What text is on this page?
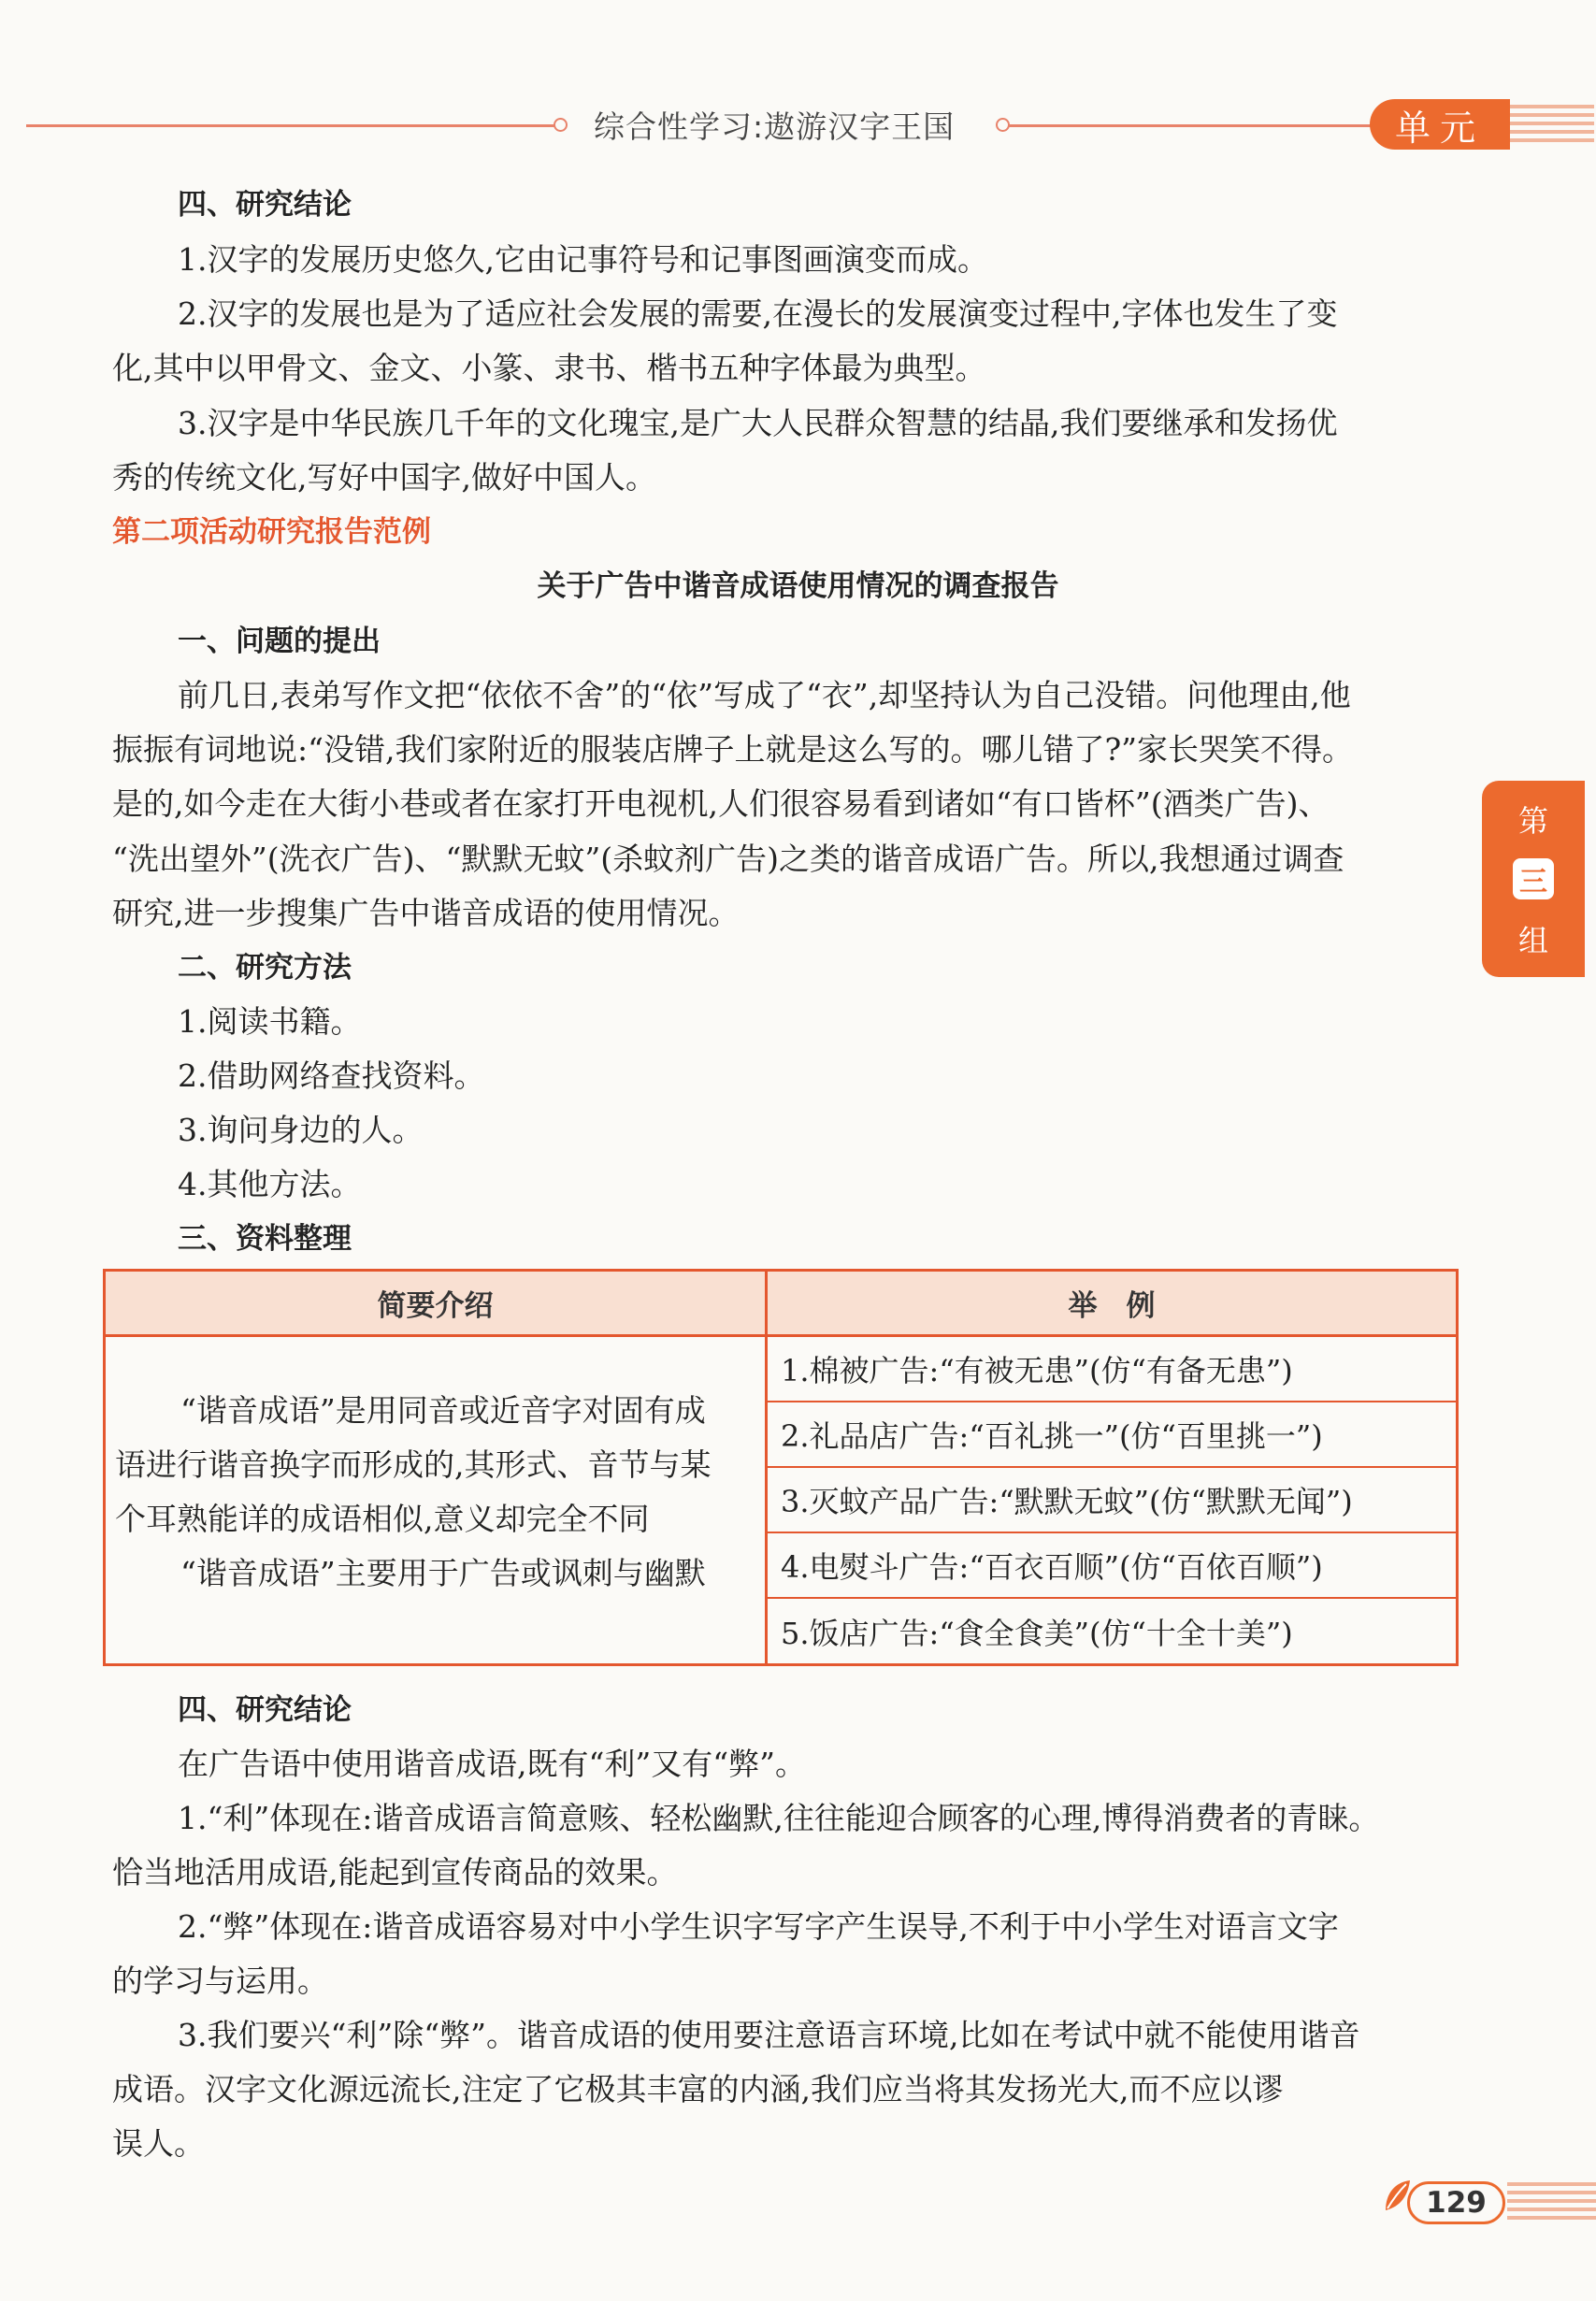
综合性学习:遨游汉字王国	单元
第
三
组
四、研究结论
1.汉字的发展历史悠久,它由记事符号和记事图画演变而成。
2.汉字的发展也是为了适应社会发展的需要,在漫长的发展演变过程中,字体也发生了变
化,其中以甲骨文、金文、小篆、隶书、楷书五种字体最为典型。
3.汉字是中华民族几千年的文化瑰宝,是广大人民群众智慧的结晶,我们要继承和发扬优
秀的传统文化,写好中国字,做好中国人。
第二项活动研究报告范例
关于广告中谐音成语使用情况的调查报告
一、问题的提出
前几日,表弟写作文把“依依不舍”的“依”写成了“衣”,却坚持认为自己没错。问他理由,他
振振有词地说:“没错,我们家附近的服装店牌子上就是这么写的。哪儿错了?”家长哭笑不得。
是的,如今走在大街小巷或者在家打开电视机,人们很容易看到诸如“有口皆杯”(酒类广告)、
“洗出望外”(洗衣广告)、“默默无蚊”(杀蚊剂广告)之类的谐音成语广告。所以,我想通过调查
研究,进一步搜集广告中谐音成语的使用情况。
二、研究方法
1.阅读书籍。
2.借助网络查找资料。
3.询问身边的人。
4.其他方法。
三、资料整理
简要介绍	举　例
“谐音成语”是用同音或近音字对固有成
语进行谐音换字而形成的,其形式、音节与某
个耳熟能详的成语相似,意义却完全不同
“谐音成语”主要用于广告或讽刺与幽默
1.棉被广告:“有被无患”(仿“有备无患”)
2.礼品店广告:“百礼挑一”(仿“百里挑一”)
3.灭蚊产品广告:“默默无蚊”(仿“默默无闻”)
4.电熨斗广告:“百衣百顺”(仿“百依百顺”)
5.饭店广告:“食全食美”(仿“十全十美”)
四、研究结论
在广告语中使用谐音成语,既有“利”又有“弊”。
1.“利”体现在:谐音成语言简意赅、轻松幽默,往往能迎合顾客的心理,博得消费者的青睐。
恰当地活用成语,能起到宣传商品的效果。
2.“弊”体现在:谐音成语容易对中小学生识字写字产生误导,不利于中小学生对语言文字
的学习与运用。
3.我们要兴“利”除“弊”。谐音成语的使用要注意语言环境,比如在考试中就不能使用谐音
成语。汉字文化源远流长,注定了它极其丰富的内涵,我们应当将其发扬光大,而不应以谬
误人。
129
